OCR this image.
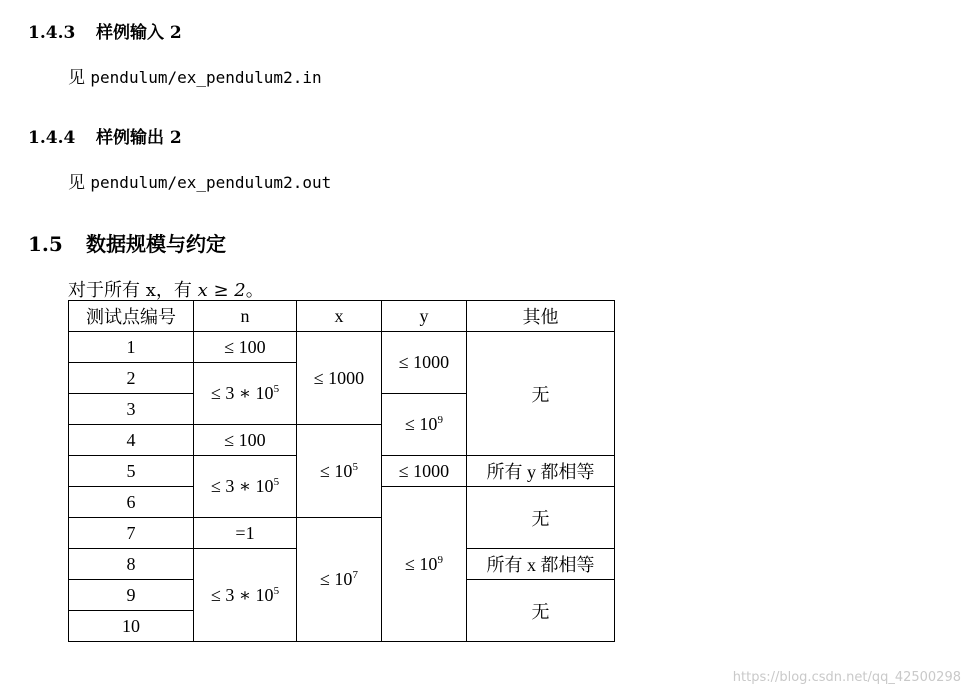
1.4.3 样例输入 2
见 pendulum/ex_pendulum2.in
1.4.4 样例输出 2
见 pendulum/ex_pendulum2.out
1.5 数据规模与约定
对于所有 x，有 x ≥ 2。
测试点编号	n	x	y	其他
1	≤ 100	≤ 1000	≤ 1000	无
2	≤ 3 ∗ $10^5$
3			≤ $10^9$
4	≤ 100	≤ $10^5$
5	≤ 3 ∗ $10^5$		≤ 1000	所有 y 都相等
6			≤ $10^9$	无
7	=1	≤ $10^7$
8	≤ 3 ∗ $10^5$			所有 x 都相等
9				无
10				
https://blog.csdn.net/qq_42500298
